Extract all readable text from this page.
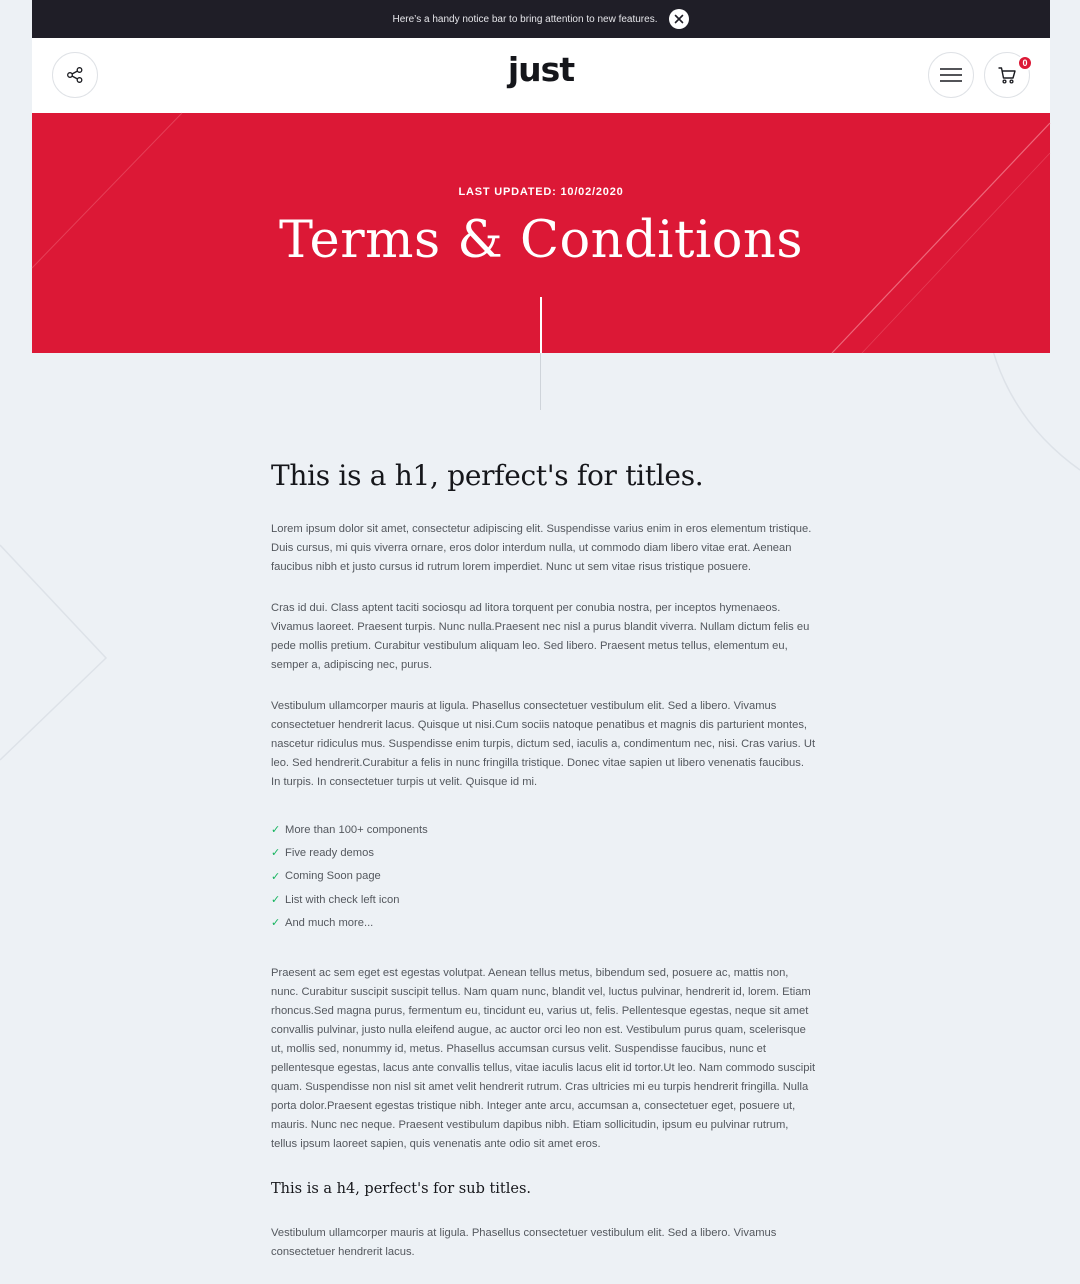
Here’s a handy notice bar to bring attention to new features.
just	0
LAST UPDATED: 10/02/2020
Terms & Conditions
This is a h1, perfect's for titles.

Lorem ipsum dolor sit amet, consectetur adipiscing elit. Suspendisse varius enim in eros elementum tristique. Duis cursus, mi quis viverra ornare, eros dolor interdum nulla, ut commodo diam libero vitae erat. Aenean faucibus nibh et justo cursus id rutrum lorem imperdiet. Nunc ut sem vitae risus tristique posuere.

Cras id dui. Class aptent taciti sociosqu ad litora torquent per conubia nostra, per inceptos hymenaeos. Vivamus laoreet. Praesent turpis. Nunc nulla.Praesent nec nisl a purus blandit viverra. Nullam dictum felis eu pede mollis pretium. Curabitur vestibulum aliquam leo. Sed libero. Praesent metus tellus, elementum eu, semper a, adipiscing nec, purus.

Vestibulum ullamcorper mauris at ligula. Phasellus consectetuer vestibulum elit. Sed a libero. Vivamus consectetuer hendrerit lacus. Quisque ut nisi.Cum sociis natoque penatibus et magnis dis parturient montes, nascetur ridiculus mus. Suspendisse enim turpis, dictum sed, iaculis a, condimentum nec, nisi. Cras varius. Ut leo. Sed hendrerit.Curabitur a felis in nunc fringilla tristique. Donec vitae sapien ut libero venenatis faucibus. In turpis. In consectetuer turpis ut velit. Quisque id mi.

✓ More than 100+ components
✓ Five ready demos
✓ Coming Soon page
✓ List with check left icon
✓ And much more...

Praesent ac sem eget est egestas volutpat. Aenean tellus metus, bibendum sed, posuere ac, mattis non, nunc. Curabitur suscipit suscipit tellus. Nam quam nunc, blandit vel, luctus pulvinar, hendrerit id, lorem. Etiam rhoncus.Sed magna purus, fermentum eu, tincidunt eu, varius ut, felis. Pellentesque egestas, neque sit amet convallis pulvinar, justo nulla eleifend augue, ac auctor orci leo non est. Vestibulum purus quam, scelerisque ut, mollis sed, nonummy id, metus. Phasellus accumsan cursus velit. Suspendisse faucibus, nunc et pellentesque egestas, lacus ante convallis tellus, vitae iaculis lacus elit id tortor.Ut leo. Nam commodo suscipit quam. Suspendisse non nisl sit amet velit hendrerit rutrum. Cras ultricies mi eu turpis hendrerit fringilla. Nulla porta dolor.Praesent egestas tristique nibh. Integer ante arcu, accumsan a, consectetuer eget, posuere ut, mauris. Nunc nec neque. Praesent vestibulum dapibus nibh. Etiam sollicitudin, ipsum eu pulvinar rutrum, tellus ipsum laoreet sapien, quis venenatis ante odio sit amet eros.

This is a h4, perfect's for sub titles.

Vestibulum ullamcorper mauris at ligula. Phasellus consectetuer vestibulum elit. Sed a libero. Vivamus consectetuer hendrerit lacus.
